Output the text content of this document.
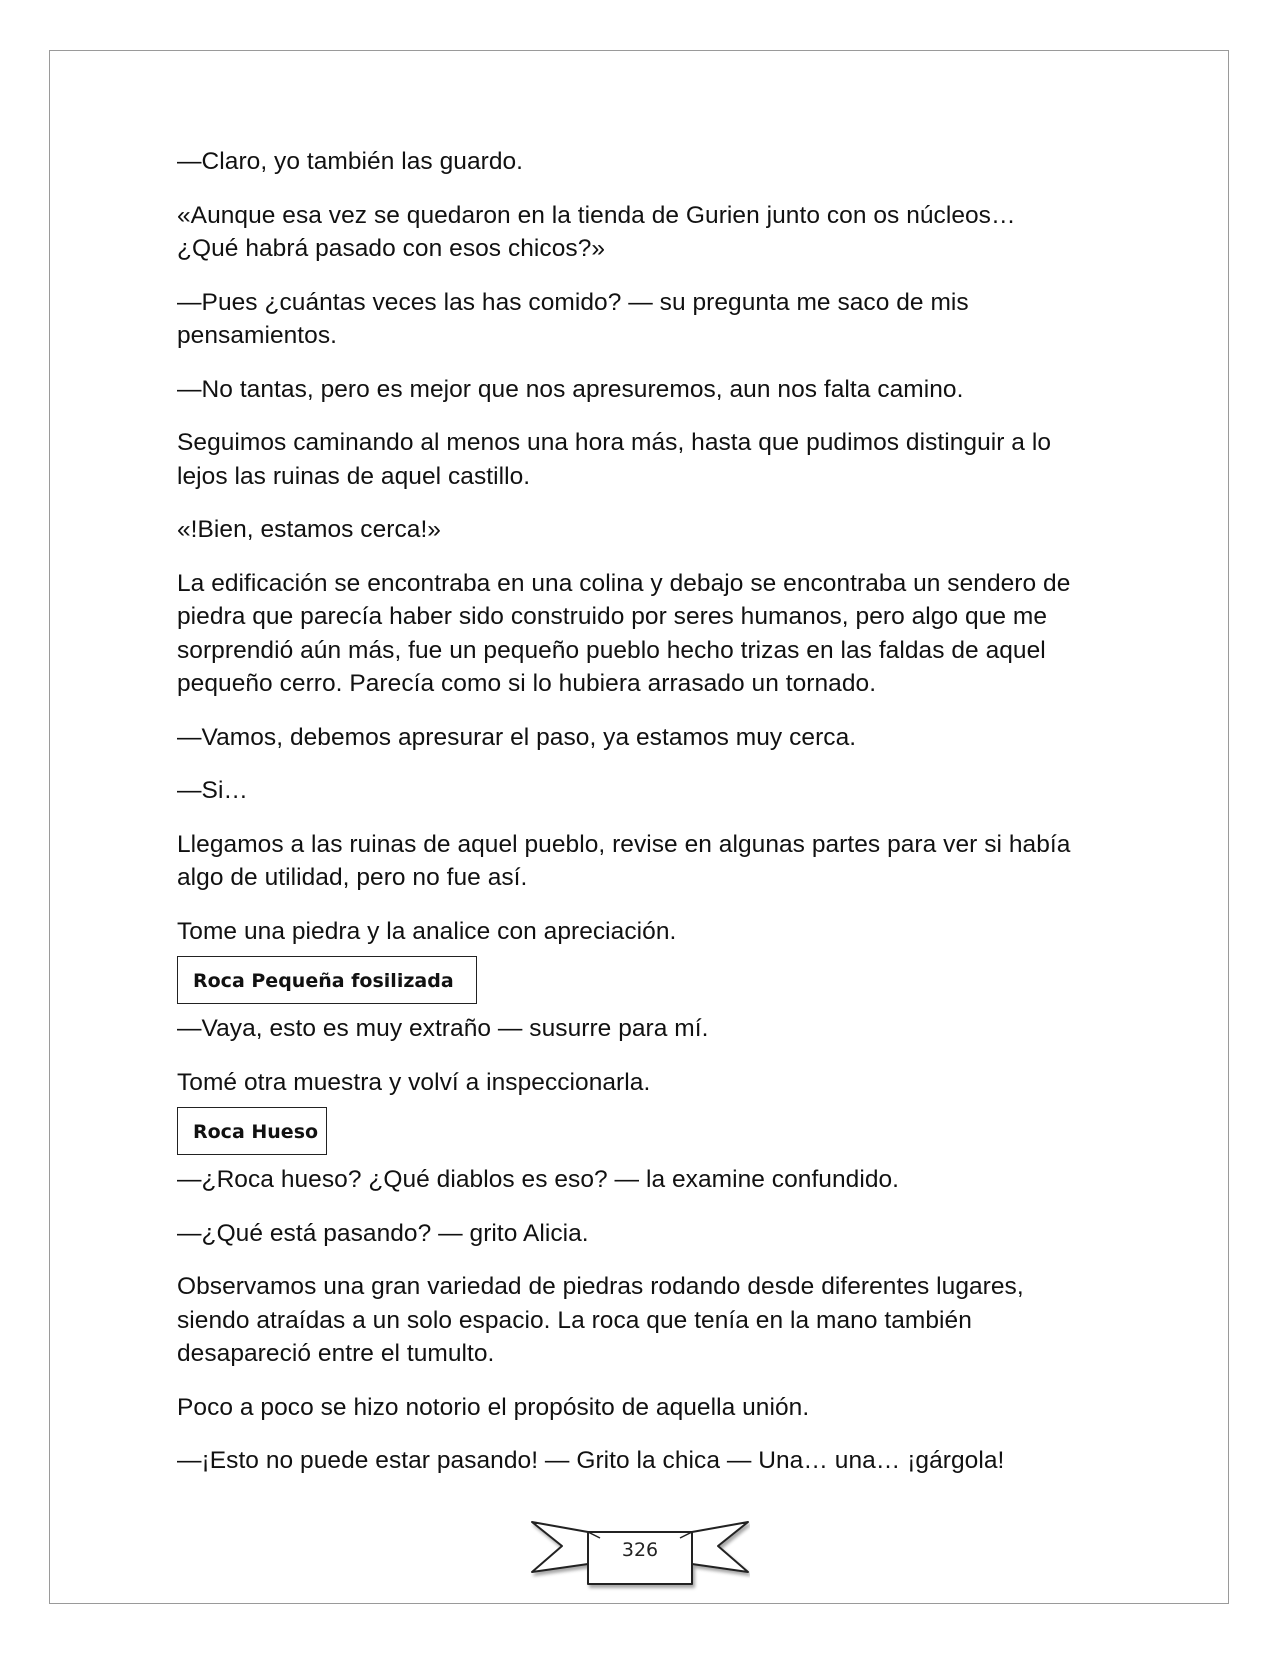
—Claro, yo también las guardo.

«Aunque esa vez se quedaron en la tienda de Gurien junto con os núcleos… ¿Qué habrá pasado con esos chicos?»

—Pues ¿cuántas veces las has comido? — su pregunta me saco de mis pensamientos.

—No tantas, pero es mejor que nos apresuremos, aun nos falta camino.

Seguimos caminando al menos una hora más, hasta que pudimos distinguir a lo lejos las ruinas de aquel castillo.

«!Bien, estamos cerca!»

La edificación se encontraba en una colina y debajo se encontraba un sendero de piedra que parecía haber sido construido por seres humanos, pero algo que me sorprendió aún más, fue un pequeño pueblo hecho trizas en las faldas de aquel pequeño cerro. Parecía como si lo hubiera arrasado un tornado.

—Vamos, debemos apresurar el paso, ya estamos muy cerca.

—Si…

Llegamos a las ruinas de aquel pueblo, revise en algunas partes para ver si había algo de utilidad, pero no fue así.

Tome una piedra y la analice con apreciación.

Roca Pequeña fosilizada

—Vaya, esto es muy extraño — susurre para mí.

Tomé otra muestra y volví a inspeccionarla.

Roca Hueso

—¿Roca hueso? ¿Qué diablos es eso? — la examine confundido.

—¿Qué está pasando? — grito Alicia.

Observamos una gran variedad de piedras rodando desde diferentes lugares, siendo atraídas a un solo espacio. La roca que tenía en la mano también desapareció entre el tumulto.

Poco a poco se hizo notorio el propósito de aquella unión.

—¡Esto no puede estar pasando! — Grito la chica — Una… una… ¡gárgola!

326
